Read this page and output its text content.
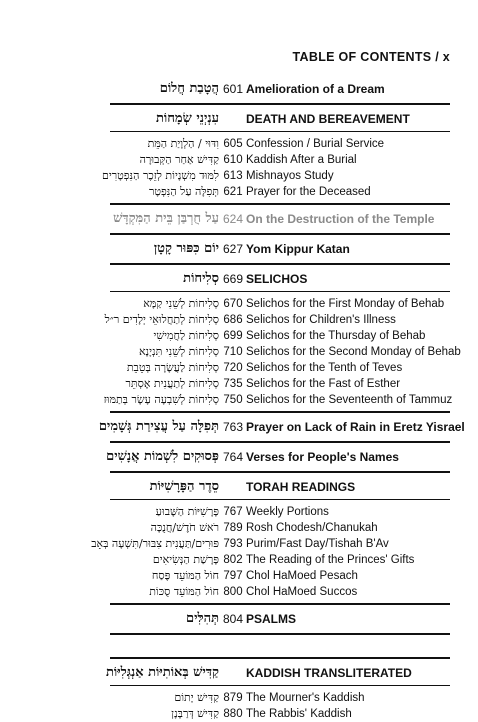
TABLE OF CONTENTS / x
הֲטָבַת חֲלוֹם 601 Amelioration of a Dream
עִנְיְנֵי שְׂמָחוֹת DEATH AND BEREAVEMENT
וִדּוּי / הַלְוָיַת הַמֵּת 605 Confession / Burial Service
קַדִּישׁ אַחַר הַקְּבוּרָה 610 Kaddish After a Burial
לִמּוּד מִשְׁנָיוֹת לְזֵכֶר הַנִּפְטָרִים 613 Mishnayos Study
תְּפִלָּה עַל הַנִּפְטָר 621 Prayer for the Deceased
עַל חֻרְבַּן בֵּית הַמִּקְדָּשׁ 624 On the Destruction of the Temple
יוֹם כִּפּוּר קָטָן 627 Yom Kippur Katan
סְלִיחוֹת 669 SELICHOS
סְלִיחוֹת לְשֵׁנִי קַמָּא 670 Selichos for the First Monday of Behab
סְלִיחוֹת לְתַחֲלוּאֵי יְלָדִים ר״ל 686 Selichos for Children's Illness
סְלִיחוֹת לַחֲמִישִׁי 699 Selichos for the Thursday of Behab
סְלִיחוֹת לְשֵׁנִי תִּנְיָנָא 710 Selichos for the Second Monday of Behab
סְלִיחוֹת לַעֲשָׂרָה בְּטֵבֵת 720 Selichos for the Tenth of Teves
סְלִיחוֹת לְתַעֲנִית אֶסְתֵּר 735 Selichos for the Fast of Esther
סְלִיחוֹת לְשִׁבְעָה עָשָׂר בְּתַמּוּז 750 Selichos for the Seventeenth of Tammuz
תְּפִלָּה עַל עֲצִירַת גְּשָׁמִים 763 Prayer on Lack of Rain in Eretz Yisrael
פְּסוּקִים לִשְׁמוֹת אֲנָשִׁים 764 Verses for People's Names
סֵדֶר הַפָּרָשִׁיּוֹת TORAH READINGS
פָּרָשִׁיּוֹת הַשָּׁבוּעַ 767 Weekly Portions
רֹאשׁ חֹדֶשׁ/חֲנֻכָּה 789 Rosh Chodesh/Chanukah
פּוּרִים/תַּעֲנִית צִבּוּר/תִּשְׁעָה בְּאָב 793 Purim/Fast Day/Tishah B'Av
פָּרָשַׁת הַנְּשִׂיאִים 802 The Reading of the Princes' Gifts
חוֹל הַמּוֹעֵד פֶּסַח 797 Chol HaMoed Pesach
חוֹל הַמּוֹעֵד סֻכּוֹת 800 Chol HaMoed Succos
תְּהִלִּים 804 PSALMS
קַדִּישׁ בְּאוֹתִיּוֹת אַנְגְּלִיּוֹת KADDISH TRANSLITERATED
קַדִּישׁ יָתוֹם 879 The Mourner's Kaddish
קַדִּישׁ דְּרַבָּנָן 880 The Rabbis' Kaddish
